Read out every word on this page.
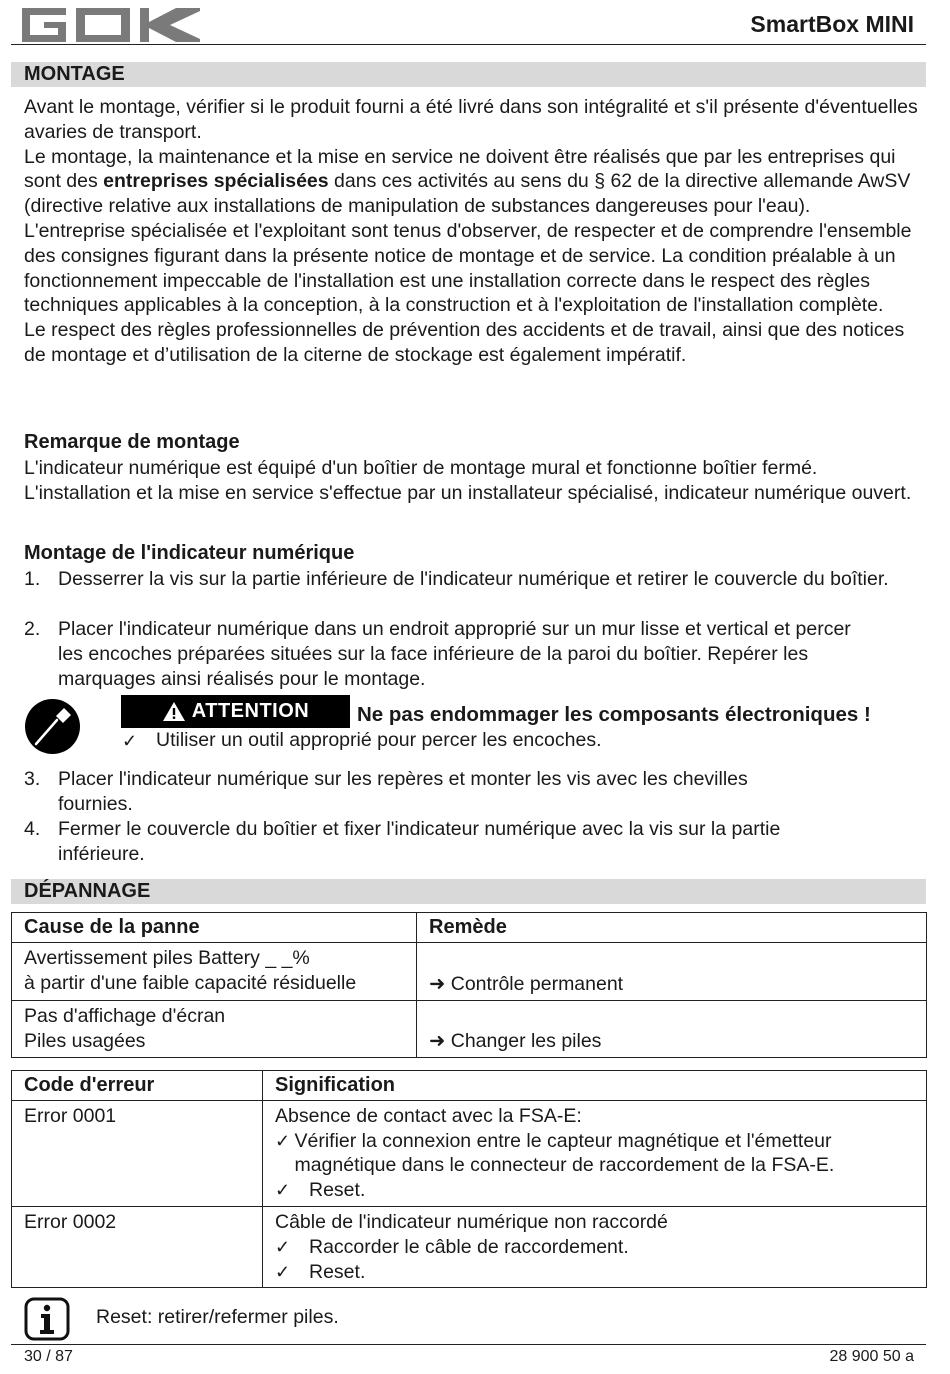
SmartBox MINI
MONTAGE

Avant le montage, vérifier si le produit fourni a été livré dans son intégralité et s'il présente d'éventuelles avaries de transport.

Le montage, la maintenance et la mise en service ne doivent être réalisés que par les entreprises qui sont des entreprises spécialisées dans ces activités au sens du § 62 de la directive allemande AwSV (directive relative aux installations de manipulation de substances dangereuses pour l'eau).

L'entreprise spécialisée et l'exploitant sont tenus d'observer, de respecter et de comprendre l'ensemble des consignes figurant dans la présente notice de montage et de service. La condition préalable à un fonctionnement impeccable de l'installation est une installation correcte dans le respect des règles techniques applicables à la conception, à la construction et à l'exploitation de l'installation complète.

Le respect des règles professionnelles de prévention des accidents et de travail, ainsi que des notices de montage et d’utilisation de la citerne de stockage est également impératif.

Remarque de montage
L'indicateur numérique est équipé d'un boîtier de montage mural et fonctionne boîtier fermé. L'installation et la mise en service s'effectue par un installateur spécialisé, indicateur numérique ouvert.
Montage de l'indicateur numérique
1. Desserrer la vis sur la partie inférieure de l'indicateur numérique et retirer le couvercle du boîtier.
2. Placer l'indicateur numérique dans un endroit approprié sur un mur lisse et vertical et percer les encoches préparées situées sur la face inférieure de la paroi du boîtier. Repérer les marquages ainsi réalisés pour le montage.
ATTENTION Ne pas endommager les composants électroniques !
✓ Utiliser un outil approprié pour percer les encoches.
3. Placer l'indicateur numérique sur les repères et monter les vis avec les chevilles fournies.
4. Fermer le couvercle du boîtier et fixer l'indicateur numérique avec la vis sur la partie inférieure.
DÉPANNAGE
Cause de la panne	Remède

Avertissement piles Battery _ _%
à partir d'une faible capacité résiduelle	➜ Contrôle permanent

Pas d'affichage d'écran
Piles usagées	➜ Changer les piles
Code d'erreur	Signification
Error 0001	Absence de contact avec la FSA-E:
✓ Vérifier la connexion entre le capteur magnétique et l'émetteur magnétique dans le connecteur de raccordement de la FSA-E.
✓ Reset.

Error 0002	Câble de l'indicateur numérique non raccordé
✓ Raccorder le câble de raccordement.
✓ Reset.
Reset: retirer/refermer piles.
30 / 87	28 900 50 a
